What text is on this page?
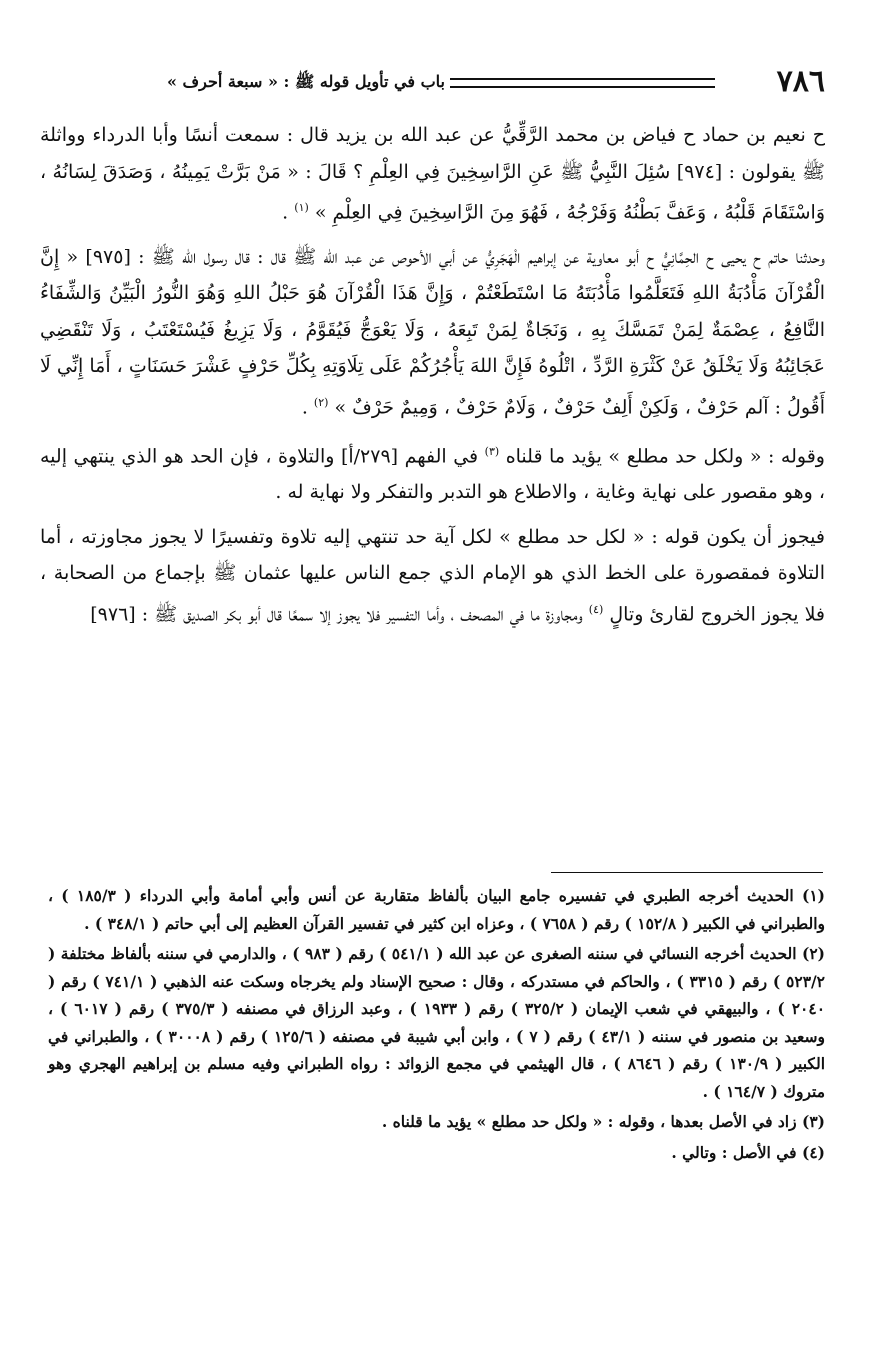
٧٨٦
باب في تأويل قوله ﷺ : « سبعة أحرف »

ح نعيم بن حماد ح فياض بن محمد الرَّقِّيُّ عن عبد الله بن يزيد قال : سمعت أنسًا وأبا الدرداء وواثلة ﷺ يقولون : [٩٧٤] سُئِلَ النَّبِيُّ ﷺ عَنِ الرَّاسِخِينَ فِي العِلْمِ ؟ قَالَ : « مَنْ بَرَّتْ يَمِينُهُ ، وَصَدَقَ لِسَانُهُ ، وَاسْتَقَامَ قَلْبُهُ ، وَعَفَّ بَطْنُهُ وَفَرْجُهُ ، فَهُوَ مِنَ الرَّاسِخِينَ فِي العِلْمِ » $^{(١)}$ .

وحدثنا حاتم ح يحيى ح الحِمَّانِيُّ ح أبو معاوية عن إبراهيم الْهَجَرِيُّ عن أبي الأحوص عن عبد الله ﷺ قال : قال رسول الله ﷺ : [٩٧٥] « إِنَّ الْقُرْآنَ مَأْدُبَةُ اللهِ فَتَعَلَّمُوا مَأْدُبَتَهُ مَا اسْتَطَعْتُمْ ، وَإِنَّ هَذَا الْقُرْآنَ هُوَ حَبْلُ اللهِ وَهُوَ النُّورُ الْبَيِّنُ وَالشِّفَاءُ النَّافِعُ ، عِصْمَةٌ لِمَنْ تَمَسَّكَ بِهِ ، وَنَجَاةٌ لِمَنْ تَبِعَهُ ، وَلَا يَعْوَجُّ فَيُقَوَّمُ ، وَلَا يَزِيغُ فَيُسْتَعْتَبُ ، وَلَا تَنْقَضِي عَجَائِبُهُ وَلَا يَخْلَقُ عَنْ كَثْرَةِ الرَّدِّ ، اتْلُوهُ فَإِنَّ اللهَ يَأْجُرُكُمْ عَلَى تِلَاوَتِهِ بِكُلِّ حَرْفٍ عَشْرَ حَسَنَاتٍ ، أَمَا إِنِّي لَا أَقُولُ : آلم حَرْفٌ ، وَلَكِنْ أَلِفٌ حَرْفٌ ، وَلَامٌ حَرْفٌ ، وَمِيمٌ حَرْفٌ » $^{(٢)}$ .

وقوله : « ولكل حد مطلع » يؤيد ما قلناه $^{(٣)}$ في الفهم [٢٧٩/أ] والتلاوة ، فإن الحد هو الذي ينتهي إليه ، وهو مقصور على نهاية وغاية ، والاطلاع هو التدبر والتفكر ولا نهاية له .

فيجوز أن يكون قوله : « لكل حد مطلع » لكل آية حد تنتهي إليه تلاوة وتفسيرًا لا يجوز مجاوزته ، أما التلاوة فمقصورة على الخط الذي هو الإمام الذي جمع الناس عليها عثمان ﷺ بإجماع من الصحابة ، فلا يجوز الخروج لقارئ وتالٍ $^{(٤)}$ ومجاوزة ما في المصحف ، وأما التفسير فلا يجوز إلا سمعًا قال أبو بكر الصديق ﷺ : [٩٧٦]

(١) الحديث أخرجه الطبري في تفسيره جامع البيان بألفاظ متقاربة عن أنس وأبي أمامة وأبي الدرداء ( ١٨٥/٣ ) ، والطبراني في الكبير ( ١٥٢/٨ ) رقم ( ٧٦٥٨ ) ، وعزاه ابن كثير في تفسير القرآن العظيم إلى أبي حاتم ( ٣٤٨/١ ) .

(٢) الحديث أخرجه النسائي في سننه الصغرى عن عبد الله ( ٥٤١/١ ) رقم ( ٩٨٣ ) ، والدارمي في سننه بألفاظ مختلفة ( ٥٢٣/٢ ) رقم ( ٣٣١٥ ) ، والحاكم في مستدركه ، وقال : صحيح الإسناد ولم يخرجاه وسكت عنه الذهبي ( ٧٤١/١ ) رقم ( ٢٠٤٠ ) ، والبيهقي في شعب الإيمان ( ٣٢٥/٢ ) رقم ( ١٩٣٣ ) ، وعبد الرزاق في مصنفه ( ٣٧٥/٣ ) رقم ( ٦٠١٧ ) ، وسعيد بن منصور في سننه ( ٤٣/١ ) رقم ( ٧ ) ، وابن أبي شيبة في مصنفه ( ١٢٥/٦ ) رقم ( ٣٠٠٠٨ ) ، والطبراني في الكبير ( ١٣٠/٩ ) رقم ( ٨٦٤٦ ) ، قال الهيثمي في مجمع الزوائد : رواه الطبراني وفيه مسلم بن إبراهيم الهجري وهو متروك ( ١٦٤/٧ ) .

(٣) زاد في الأصل بعدها ، وقوله : « ولكل حد مطلع » يؤيد ما قلناه .

(٤) في الأصل : وتالي .
